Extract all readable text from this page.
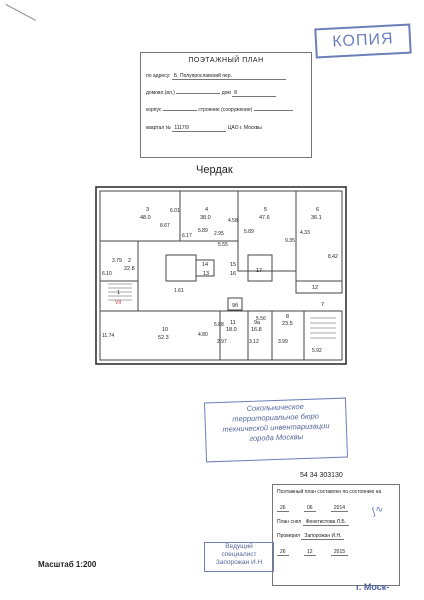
КОПИЯ
ПОЭТАЖНЫЙ ПЛАН
по адресу: Б. Полуярославский пер.
домовл.(вл.)	дом 8
корпус	строение (сооружение)
квартал № 1117/9	ЦАО г. Москвы
Чердак
3
48.0
4
38.0
5
47.6
6
36.1
2
22.8
1
10
52.3
11
18.0
9а
16.8
8
23.5
7
12
13
14	15
16	17
9б
6.01
8.67
5.89
4.58
2.95	5.89
9.35
4.33
6.17
3.79
6.10
1.61
11.74	4.80
5.88
2.97
5.56
3.12	3.99
5.92
8.42
5.55
VII
Сокольническое
территориальное бюро
технической инвентаризации
города Москвы
54 34 303130
Поэтажный план составлен по состоянию на
26	06	2014
План снял Феоктистова Л.Б.
Проверил Запорожан И.Н.
26	12	2015
∫∿
Ведущий
специалист
Запорожан И.Н
Масштаб 1:200
г. Моск-
